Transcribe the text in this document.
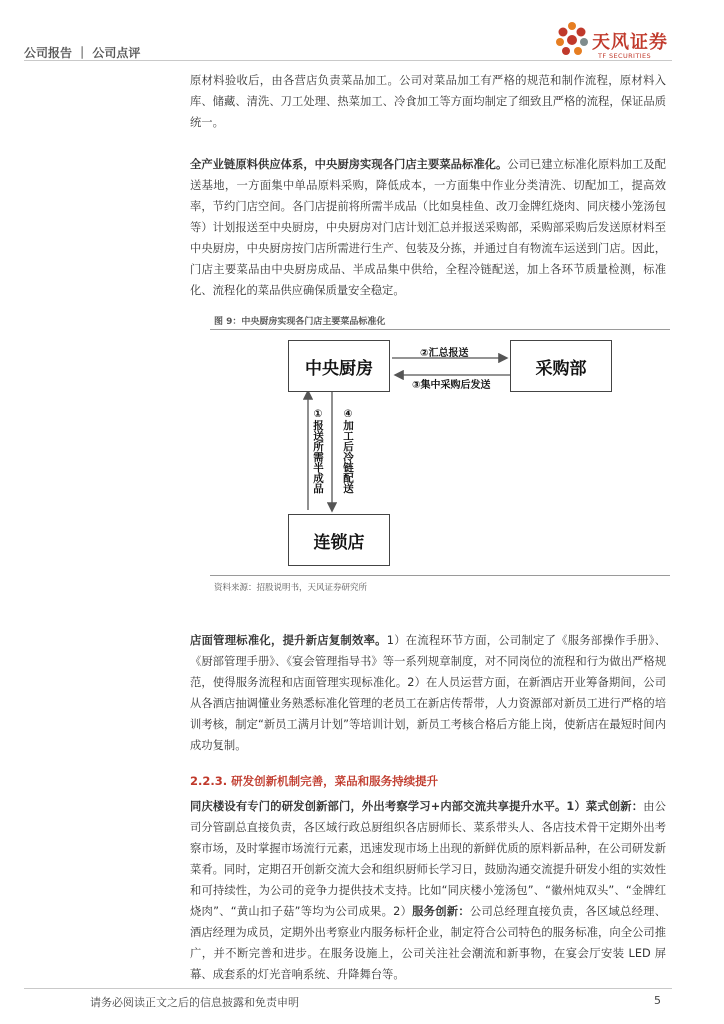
公司报告 ｜ 公司点评	天风证券
TF SECURITIES

原材料验收后，由各营店负责菜品加工。公司对菜品加工有严格的规范和制作流程，原材料入库、储藏、清洗、刀工处理、热菜加工、冷食加工等方面均制定了细致且严格的流程，保证品质统一。

全产业链原料供应体系，中央厨房实现各门店主要菜品标准化。公司已建立标准化原料加工及配送基地，一方面集中单品原料采购，降低成本，一方面集中作业分类清洗、切配加工，提高效率，节约门店空间。各门店提前将所需半成品（比如臭桂鱼、改刀金牌红烧肉、同庆楼小笼汤包等）计划报送至中央厨房，中央厨房对门店计划汇总并报送采购部，采购部采购后发送原材料至中央厨房，中央厨房按门店所需进行生产、包装及分拣，并通过自有物流车运送到门店。因此，门店主要菜品由中央厨房成品、半成品集中供给，全程冷链配送，加上各环节质量检测，标准化、流程化的菜品供应确保质量安全稳定。

图 9：中央厨房实现各门店主要菜品标准化
中央厨房	采购部
连锁店
②汇总报送
③集中采购后发送
①报送所需半成品 ④加工后冷链配送
资料来源：招股说明书，天风证券研究所

店面管理标准化，提升新店复制效率。1）在流程环节方面，公司制定了《服务部操作手册》、《厨部管理手册》、《宴会管理指导书》等一系列规章制度，对不同岗位的流程和行为做出严格规范，使得服务流程和店面管理实现标准化。2）在人员运营方面，在新酒店开业筹备期间，公司从各酒店抽调懂业务熟悉标准化管理的老员工在新店传帮带，人力资源部对新员工进行严格的培训考核，制定“新员工满月计划”等培训计划，新员工考核合格后方能上岗，使新店在最短时间内成功复制。

2.2.3. 研发创新机制完善，菜品和服务持续提升

同庆楼设有专门的研发创新部门，外出考察学习+内部交流共享提升水平。1）菜式创新：由公司分管副总直接负责，各区域行政总厨组织各店厨师长、菜系带头人、各店技术骨干定期外出考察市场，及时掌握市场流行元素，迅速发现市场上出现的新鲜优质的原料新品种，在公司研发新菜肴。同时，定期召开创新交流大会和组织厨师长学习日，鼓励沟通交流提升研发小组的实效性和可持续性，为公司的竞争力提供技术支持。比如“同庆楼小笼汤包”、“徽州炖双头”、“金牌红烧肉”、“黄山扣子菇”等均为公司成果。2）服务创新：公司总经理直接负责，各区域总经理、酒店经理为成员，定期外出考察业内服务标杆企业，制定符合公司特色的服务标准，向全公司推广，并不断完善和进步。在服务设施上，公司关注社会潮流和新事物，在宴会厅安装 LED 屏幕、成套系的灯光音响系统、升降舞台等。

请务必阅读正文之后的信息披露和免责申明	5
